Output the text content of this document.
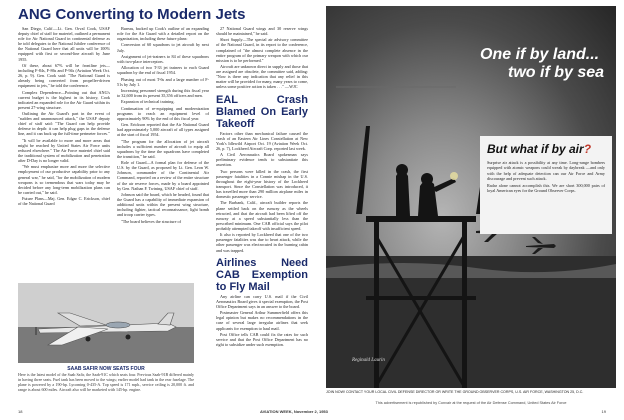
ANG Converting to Modern Jets

San Diego, Calif.—Lt. Gen. Orval Cook, USAF deputy chief of staff for materiel, outlined a permanent role for Air National Guard in continental defense as he told delegates to the National Jubilee conference of the National Guard here that all units will be 100% equipped with first or second-line aircraft by June 1955.

Of these, about 67% will be frontline jets—including F-84s, F-86s and F-94s (Aviation Week Oct. 26, p. 9). Gen. Cook said: "The National Guard is already being converted from propeller-driven equipment to jets," he told the conference.

Complex Dependence—Pointing out that ANG's current budget is the highest in its history, Cook indicated an expanded role for the Air Guard within its present 27-wing structure.

Outlining the Air Guard's part in the event of "sudden and unannounced attack," the USAF deputy chief of staff said: "The Guard can help provide defense in depth: it can help plug gaps in the defense line, and it can back up the full-time perimeter forces."

"It will be available to more and more areas that might be reached by United States Air Force units reduced elsewhere." The Air Force materiel chief said the traditional system of mobilization and penetration after D-Day is no longer valid.

"We must emphasize more and more the selective employment of our productive capability prior to any general war," he said, "for the mobilization of modern weapons is so tremendous that wars today may be decided before any long-term mobilization plans can be carried out," he said.

Future Plans—Maj. Gen. Edgar C. Erickson, chief of the National Guard

Bureau, backed up Cook's outline of an expanding role for the Air Guard with a detailed report on the organization, including these future plans:

Conversion of 60 squadrons to jet aircraft by next July.

Assignment of jet-trainers to 84 of these squadrons with two-place interceptors.

Allocation of two T-33 jet trainers to each Guard squadron by the end of fiscal 1954.

Phasing out of most T-6s and a large number of F-51s by July 1.

Increasing personnel strength during this fiscal year to 32,600 from its present 35,356 officers and men.

Expansion of technical training.

Continuation of re-equipping and modernization programs to reach an equipment level of approximately 90% by the end of this fiscal year.

Gen. Erickson reported that the Air National Guard had approximately 5,000 aircraft of all types assigned at the start of fiscal 1954.

"The program for the allocation of jet aircraft includes a sufficient number of aircraft to equip all squadrons by the time the squadrons have completed the transition," he said.

Role of Guard—A formal plan for defense of the U.S. by the Guard, as proposed by Lt. Gen. Leon W. Johnson, commander of the Continental Air Command, reported on a review of the entire structure of the air reserve forces, made by a board appointed by Gen. Nathan F. Twining, USAF chief of staff.

Johnson said the board, which he headed, found that the Guard has a capability of immediate expansion of additional units within the present wing structure, including fighter, tactical reconnaissance, light bomb and troop carrier types.

"The board believes the structure of

27 National Guard wings and 30 reserve wings should be maintained," he said.

Short Supply—The special air advisory committee of the National Guard, in its report to the conference, complained of "the almost complete absence in the entire program of the primary weapon with which our mission is to be performed."

Aircraft are unknown direct in supply and those that are assigned are obsolete, the committee said, adding: "Now is there any indication that any relief in this matter will be provided for many, many years to come, unless some positive action is taken . . ." —WJC

EAL Crash Blamed On Early Takeoff

Factors other than mechanical failure caused the crash of an Eastern Air Lines Constellation at New York's Idlewild Airport Oct. 19 (Aviation Week Oct. 26, p. 7), Lockheed Aircraft Corp. reported last week.

A Civil Aeronautics Board spokesman says preliminary evidence tends to substantiate this assertion.

Two persons were killed in the crash, the first passenger fatalities in a Connie mishap in the U.S. throughout the eight-year history of the Lockheed transport. Since the Constellation was introduced, it has travelled more than 290 million airplane miles in domestic passenger service.

The Burbank, Calif., aircraft builder reports the plane settled back on the runway as the wheels retracted, and that the aircraft had been lifted off the runway at a speed substantially less than the prescribed minimum. One CAB official says the pilot probably attempted takeoff with insufficient speed.

It also is reported by Lockheed that one of the two passenger fatalities was due to heart attack, while the other passenger was electrocuted in the burning cabin and was trapped.

Airlines Need CAB Exemption to Fly Mail

Any airline can carry U.S. mail if the Civil Aeronautics Board gives it special exemption, the Post Office Department says in an answer to the board.

Postmaster General Arthur Summerfield offers this legal opinion but makes no recommendations in the case of several large irregular airlines that seek applicants for exemption to haul mail.

Post Office tells CAB could fix the rates for such service and that the Post Office Department has no right to subsidize under such exemption.

SAAB SAFIR NOW SEATS FOUR
Here is the latest model of the Saab Safir, the Saab-91C which seats four. Previous Saab-91B differed mainly in having three seats. Fuel tank has been moved to the wings; earlier model had tank in the rear fuselage. The plane is powered by a 190-hp. Lycoming 0-435-A. Top speed is 171 mph., service ceiling is 20,000 ft. and range is about 600 miles. Aircraft also will be marketed with 145-hp. engine.
18	AVIATION WEEK, November 2, 1953
One if by land...
two if by sea
But what if by air?

Surprise air attack is a possibility at any time. Long-range bombers equipped with atomic weapons could wreak by daybreak —and only with the help of adequate detection can our Air Force and Army discourage and prevent such attack.

Radar alone cannot accomplish this. We are short 300,000 pairs of loyal American eyes for the Ground Observer Corps.

Reginald Laurin
JOIN NOW! CONTACT YOUR LOCAL CIVIL DEFENSE DIRECTOR OR WRITE THE GROUND OBSERVER CORPS, U.S. AIR FORCE, WASHINGTON 25, D.C.
This advertisement is republished by Convair at the request of the Air Defense Command, United States Air Force
19
